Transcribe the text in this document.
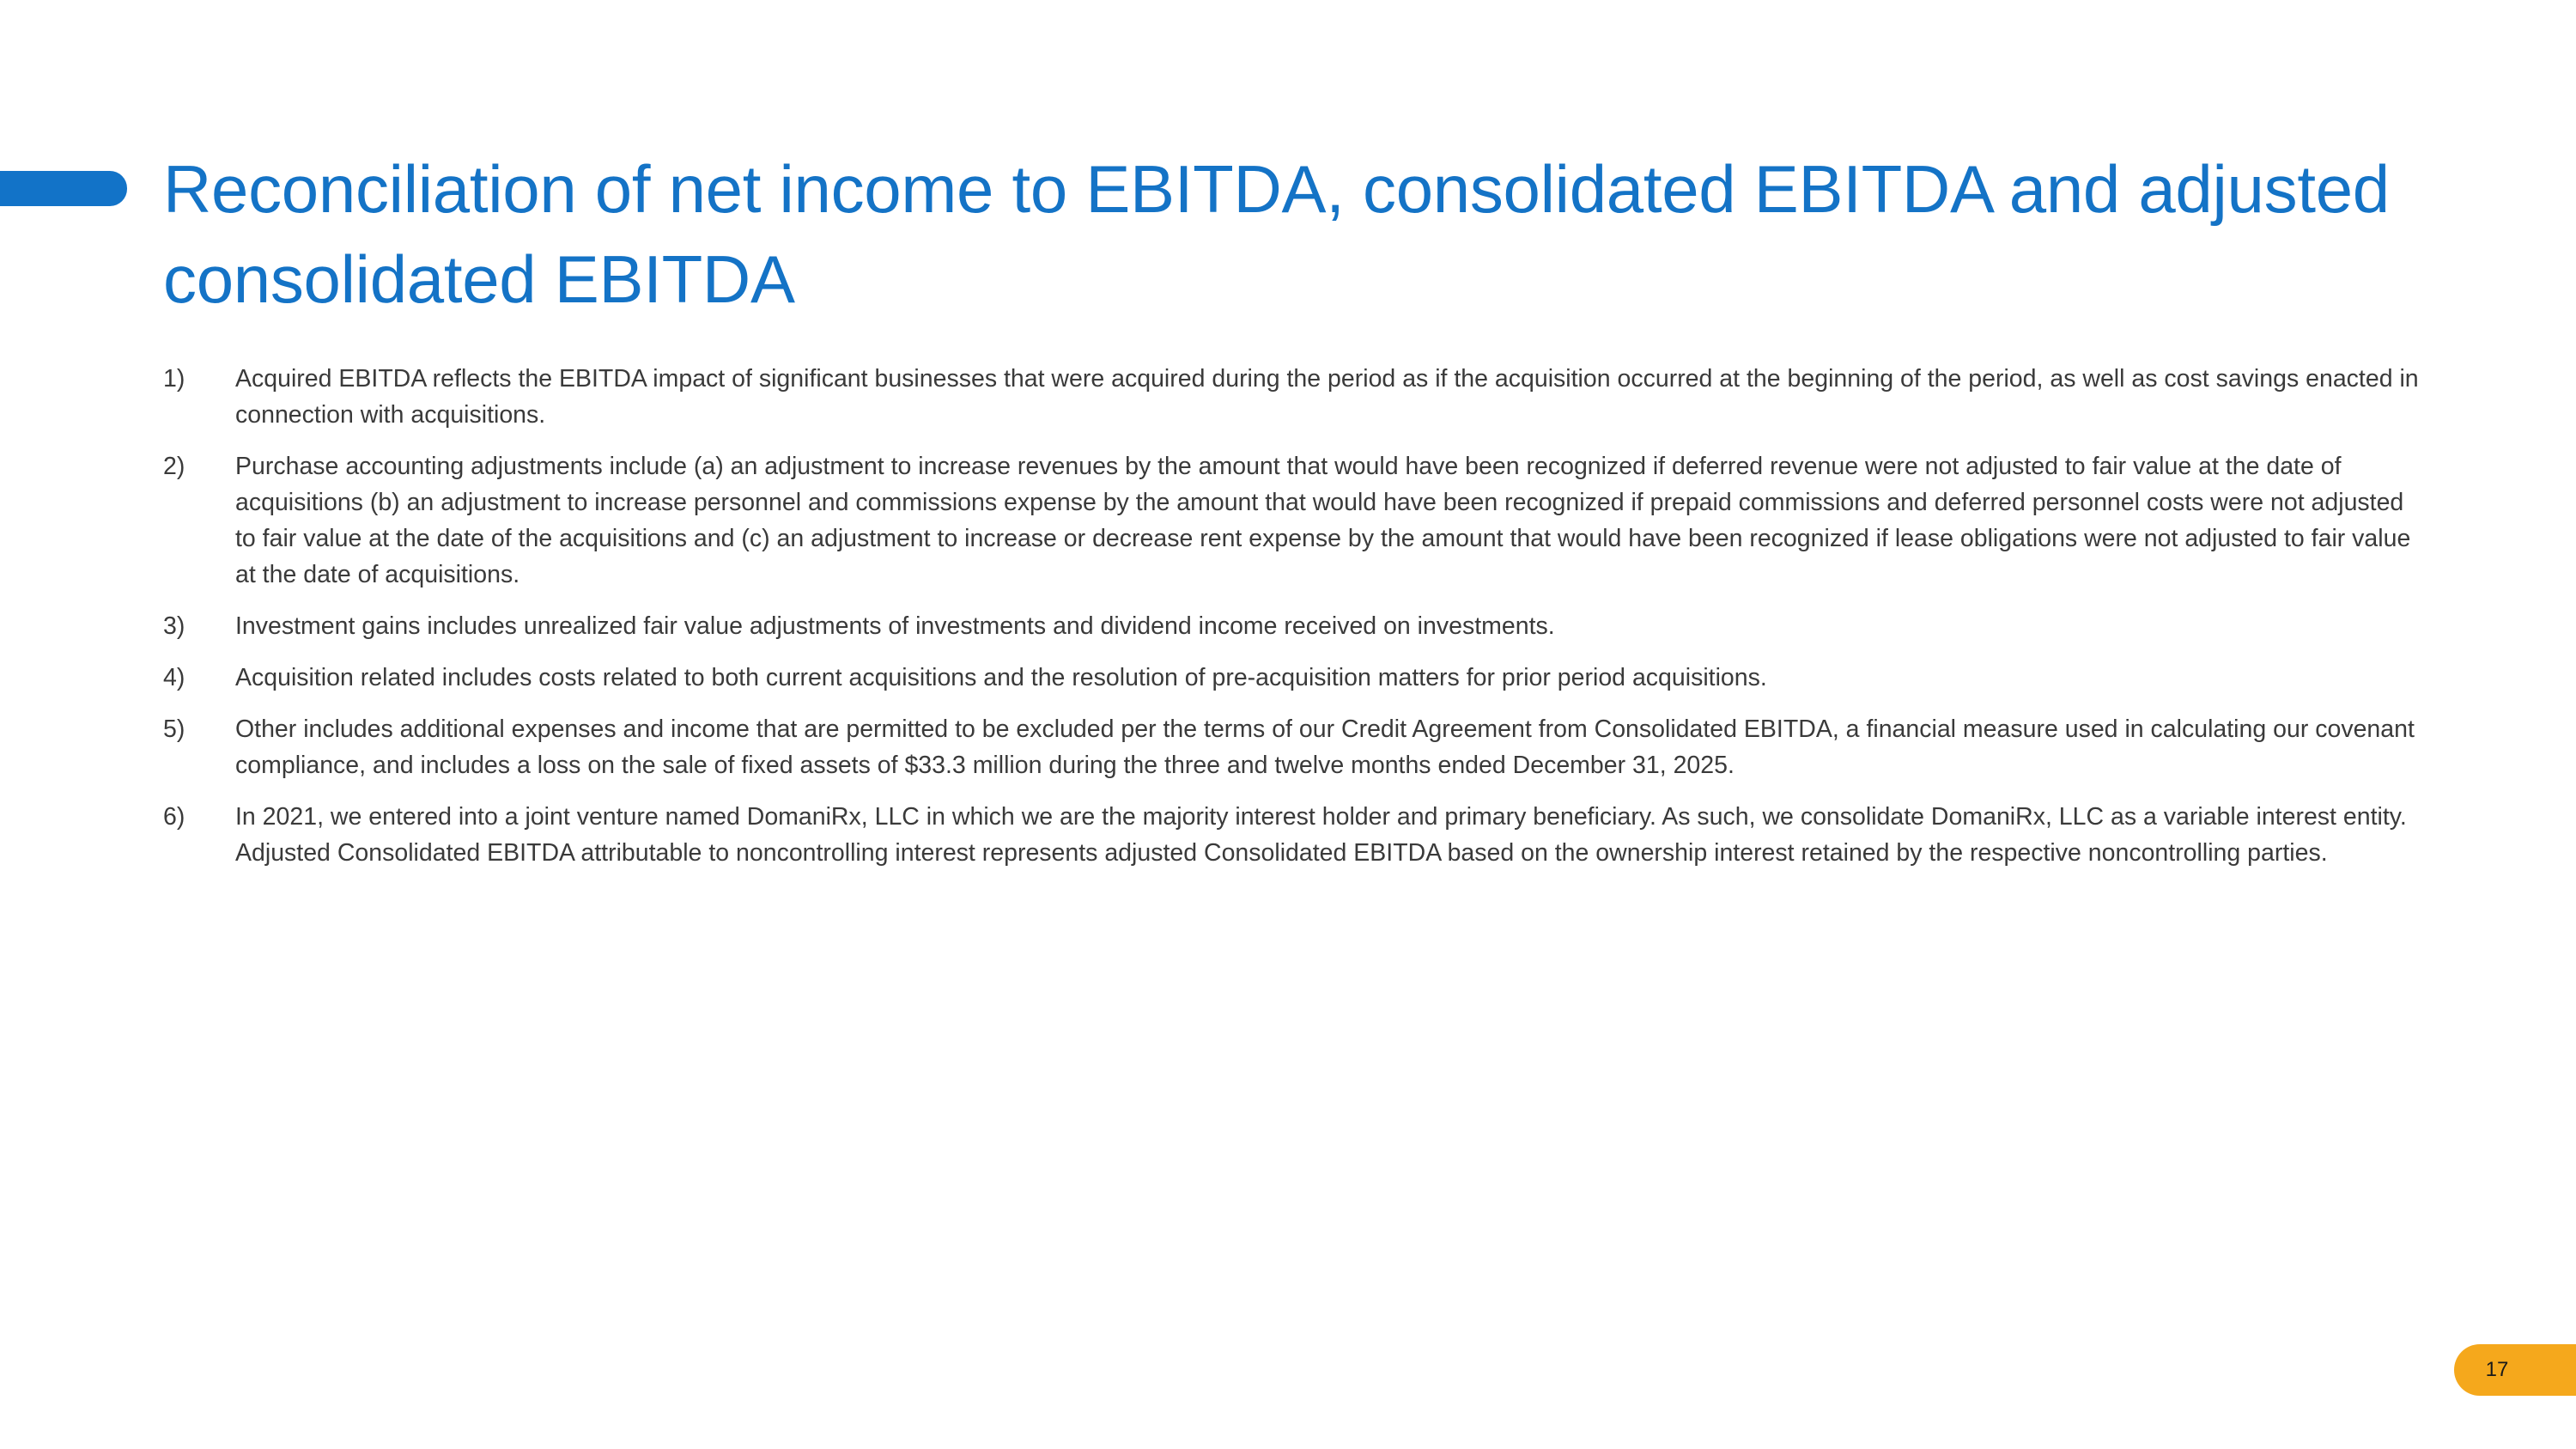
Reconciliation of net income to EBITDA, consolidated EBITDA and adjusted consolidated EBITDA
1)	Acquired EBITDA reflects the EBITDA impact of significant businesses that were acquired during the period as if the acquisition occurred at the beginning of the period, as well as cost savings enacted in connection with acquisitions.
2)	Purchase accounting adjustments include (a) an adjustment to increase revenues by the amount that would have been recognized if deferred revenue were not adjusted to fair value at the date of acquisitions (b) an adjustment to increase personnel and commissions expense by the amount that would have been recognized if prepaid commissions and deferred personnel costs were not adjusted to fair value at the date of the acquisitions and (c) an adjustment to increase or decrease rent expense by the amount that would have been recognized if lease obligations were not adjusted to fair value at the date of acquisitions.
3)	Investment gains includes unrealized fair value adjustments of investments and dividend income received on investments.
4)	Acquisition related includes costs related to both current acquisitions and the resolution of pre-acquisition matters for prior period acquisitions.
5)	Other includes additional expenses and income that are permitted to be excluded per the terms of our Credit Agreement from Consolidated EBITDA, a financial measure used in calculating our covenant compliance, and includes a loss on the sale of fixed assets of $33.3 million during the three and twelve months ended December 31, 2025.
6)	In 2021, we entered into a joint venture named DomaniRx, LLC in which we are the majority interest holder and primary beneficiary. As such, we consolidate DomaniRx, LLC as a variable interest entity. Adjusted Consolidated EBITDA attributable to noncontrolling interest represents adjusted Consolidated EBITDA based on the ownership interest retained by the respective noncontrolling parties.
17
